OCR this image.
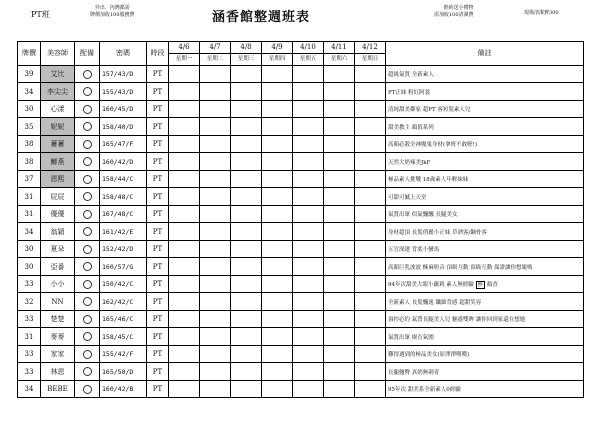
PT班
外出．內灣都需
牌價加收100服務費	涵香館整週班表
推約送小禮物
需加收100清潔費	現場清潔費300
牌價	美容師	配備	密碼	時段	4/6	4/7	4/8	4/9	4/10	4/11	4/12	備註
					星期一	星期二	星期三	星期四	星期五	星期六	星期日	
39	艾比		157/43/D	PT								超級氣質 全新素人
34	李尖尖		155/43/D	PT								PT正妹 粉紅阿裳
30	心漾		160/45/D	PT								清純甜美鄰家 超PT 客短髮素人兒
35	妮妮		158/40/D	PT								甜美教主 顏值系列
38	蓄蓄		165/47/F	PT								高顏必殺全神魔鬼身材(拿班不敢喔!)
38	鯽燕		160/42/D	PT								天然大奶辣美JkF
37	恩熙		158/44/C	PT								極品素人挑戰 18歲素人年輕妹妹
31	屁屁		158/48/C	PT								可甜可膩上天堂
31	優優		167/48/C	PT								氣質出眾 似氣飄飄 長腿美女
34	翁穎		161/42/E	PT								身材超頂 長髮俏麗小正妹 草酒客/鋼骨客
30	夏朵		152/42/D	PT								五官深邃 背底小蠻馬
30	亞番		160/57/G	PT								高顏巨乳波波 酥麻奶音 頂級互動 頂級互動 保證讓你想壞嗎
33	小小		150/42/C	PT								94年次甜美大眼小蘿莉 素人無經驗 無 顏香
32	NN		162/42/C	PT								全新素人 長髮飄逸 纖細背感 超甜笑容
33	楚楚		165/46/C	PT								頂控必約 氣質長腿美人兒 魅惑雙眸 讓你回到家還在想她
31	麥麥		158/45/C	PT								氣質出眾 療育氣圍
33	家家		155/42/F	PT								難得遇到的極品美女(原澤澤嘆嘆)
33	林恩		165/50/D	PT								長腿翹臀 真奶無刺青
34	BEBE		160/42/B	PT								95年次 甜美系全新素人0經驗
